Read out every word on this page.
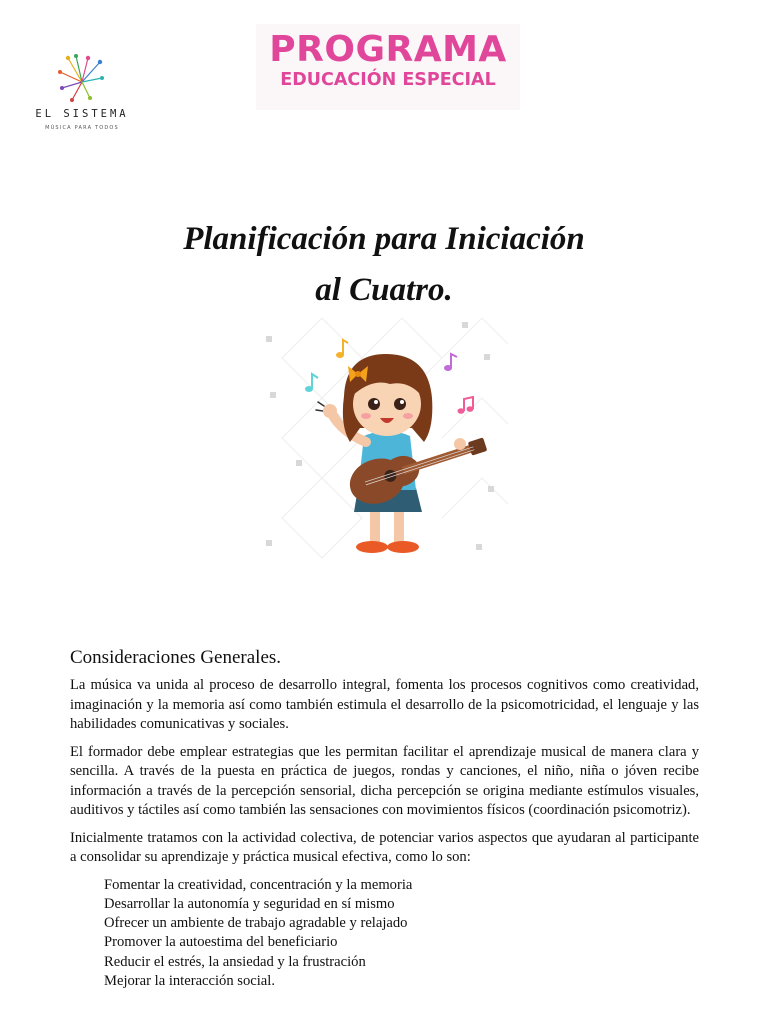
EL SISTEMA
MÚSICA PARA TODOS
PROGRAMA
EDUCACIÓN ESPECIAL
Planificación para Iniciación
al Cuatro.
Consideraciones Generales.

La música va unida al proceso de desarrollo integral, fomenta los procesos cognitivos como creatividad, imaginación y la memoria así como también estimula el desarrollo de la psicomotricidad, el lenguaje y las habilidades comunicativas y sociales.

El formador debe emplear estrategias que les permitan facilitar el aprendizaje musical de manera clara y sencilla. A través de la puesta en práctica de juegos, rondas y canciones, el niño, niña o jóven recibe información a través de la percepción sensorial, dicha percepción se origina mediante estímulos visuales, auditivos y táctiles así como también las sensaciones con movimientos físicos (coordinación psicomotriz).

Inicialmente tratamos con la actividad colectiva, de potenciar varios aspectos que ayudaran al participante a consolidar su aprendizaje y práctica musical efectiva, como lo son:

Fomentar la creatividad, concentración y la memoria
Desarrollar la autonomía y seguridad en sí mismo
Ofrecer un ambiente de trabajo agradable y relajado
Promover la autoestima del beneficiario
Reducir el estrés, la ansiedad y la frustración
Mejorar la interacción social.
